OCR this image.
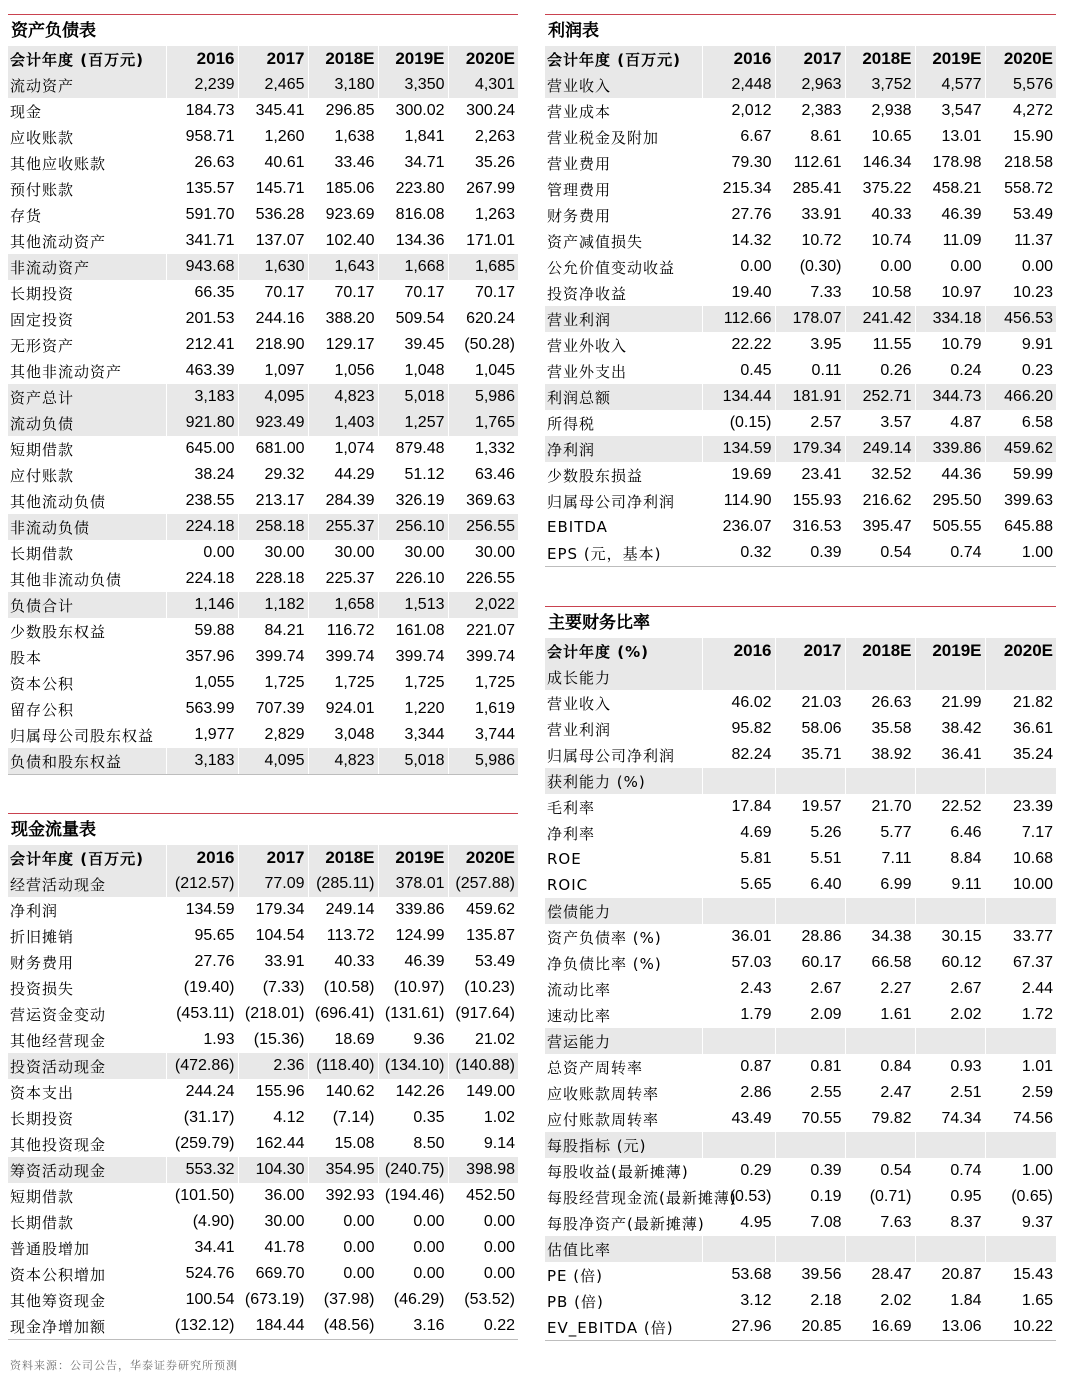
资产负债表
会计年度 (百万元)	2016	2017	2018E	2019E	2020E
流动资产	2,239	2,465	3,180	3,350	4,301
现金	184.73	345.41	296.85	300.02	300.24
应收账款	958.71	1,260	1,638	1,841	2,263
其他应收账款	26.63	40.61	33.46	34.71	35.26
预付账款	135.57	145.71	185.06	223.80	267.99
存货	591.70	536.28	923.69	816.08	1,263
其他流动资产	341.71	137.07	102.40	134.36	171.01
非流动资产	943.68	1,630	1,643	1,668	1,685
长期投资	66.35	70.17	70.17	70.17	70.17
固定投资	201.53	244.16	388.20	509.54	620.24
无形资产	212.41	218.90	129.17	39.45	(50.28)
其他非流动资产	463.39	1,097	1,056	1,048	1,045
资产总计	3,183	4,095	4,823	5,018	5,986
流动负债	921.80	923.49	1,403	1,257	1,765
短期借款	645.00	681.00	1,074	879.48	1,332
应付账款	38.24	29.32	44.29	51.12	63.46
其他流动负债	238.55	213.17	284.39	326.19	369.63
非流动负债	224.18	258.18	255.37	256.10	256.55
长期借款	0.00	30.00	30.00	30.00	30.00
其他非流动负债	224.18	228.18	225.37	226.10	226.55
负债合计	1,146	1,182	1,658	1,513	2,022
少数股东权益	59.88	84.21	116.72	161.08	221.07
股本	357.96	399.74	399.74	399.74	399.74
资本公积	1,055	1,725	1,725	1,725	1,725
留存公积	563.99	707.39	924.01	1,220	1,619
归属母公司股东权益	1,977	2,829	3,048	3,344	3,744
负债和股东权益	3,183	4,095	4,823	5,018	5,986
现金流量表
会计年度 (百万元)	2016	2017	2018E	2019E	2020E
经营活动现金	(212.57)	77.09	(285.11)	378.01	(257.88)
净利润	134.59	179.34	249.14	339.86	459.62
折旧摊销	95.65	104.54	113.72	124.99	135.87
财务费用	27.76	33.91	40.33	46.39	53.49
投资损失	(19.40)	(7.33)	(10.58)	(10.97)	(10.23)
营运资金变动	(453.11)	(218.01)	(696.41)	(131.61)	(917.64)
其他经营现金	1.93	(15.36)	18.69	9.36	21.02
投资活动现金	(472.86)	2.36	(118.40)	(134.10)	(140.88)
资本支出	244.24	155.96	140.62	142.26	149.00
长期投资	(31.17)	4.12	(7.14)	0.35	1.02
其他投资现金	(259.79)	162.44	15.08	8.50	9.14
筹资活动现金	553.32	104.30	354.95	(240.75)	398.98
短期借款	(101.50)	36.00	392.93	(194.46)	452.50
长期借款	(4.90)	30.00	0.00	0.00	0.00
普通股增加	34.41	41.78	0.00	0.00	0.00
资本公积增加	524.76	669.70	0.00	0.00	0.00
其他筹资现金	100.54	(673.19)	(37.98)	(46.29)	(53.52)
现金净增加额	(132.12)	184.44	(48.56)	3.16	0.22
利润表
会计年度 (百万元)	2016	2017	2018E	2019E	2020E
营业收入	2,448	2,963	3,752	4,577	5,576
营业成本	2,012	2,383	2,938	3,547	4,272
营业税金及附加	6.67	8.61	10.65	13.01	15.90
营业费用	79.30	112.61	146.34	178.98	218.58
管理费用	215.34	285.41	375.22	458.21	558.72
财务费用	27.76	33.91	40.33	46.39	53.49
资产减值损失	14.32	10.72	10.74	11.09	11.37
公允价值变动收益	0.00	(0.30)	0.00	0.00	0.00
投资净收益	19.40	7.33	10.58	10.97	10.23
营业利润	112.66	178.07	241.42	334.18	456.53
营业外收入	22.22	3.95	11.55	10.79	9.91
营业外支出	0.45	0.11	0.26	0.24	0.23
利润总额	134.44	181.91	252.71	344.73	466.20
所得税	(0.15)	2.57	3.57	4.87	6.58
净利润	134.59	179.34	249.14	339.86	459.62
少数股东损益	19.69	23.41	32.52	44.36	59.99
归属母公司净利润	114.90	155.93	216.62	295.50	399.63
EBITDA	236.07	316.53	395.47	505.55	645.88
EPS (元，基本)	0.32	0.39	0.54	0.74	1.00
主要财务比率
会计年度 (%)	2016	2017	2018E	2019E	2020E
成长能力					
营业收入	46.02	21.03	26.63	21.99	21.82
营业利润	95.82	58.06	35.58	38.42	36.61
归属母公司净利润	82.24	35.71	38.92	36.41	35.24
获利能力 (%)					
毛利率	17.84	19.57	21.70	22.52	23.39
净利率	4.69	5.26	5.77	6.46	7.17
ROE	5.81	5.51	7.11	8.84	10.68
ROIC	5.65	6.40	6.99	9.11	10.00
偿债能力					
资产负债率 (%)	36.01	28.86	34.38	30.15	33.77
净负债比率 (%)	57.03	60.17	66.58	60.12	67.37
流动比率	2.43	2.67	2.27	2.67	2.44
速动比率	1.79	2.09	1.61	2.02	1.72
营运能力					
总资产周转率	0.87	0.81	0.84	0.93	1.01
应收账款周转率	2.86	2.55	2.47	2.51	2.59
应付账款周转率	43.49	70.55	79.82	74.34	74.56
每股指标 (元)					
每股收益(最新摊薄)	0.29	0.39	0.54	0.74	1.00
每股经营现金流(最新摊薄)	(0.53)	0.19	(0.71)	0.95	(0.65)
每股净资产(最新摊薄)	4.95	7.08	7.63	8.37	9.37
估值比率					
PE (倍)	53.68	39.56	28.47	20.87	15.43
PB (倍)	3.12	2.18	2.02	1.84	1.65
EV_EBITDA (倍)	27.96	20.85	16.69	13.06	10.22
资料来源：公司公告，华泰证券研究所预测
